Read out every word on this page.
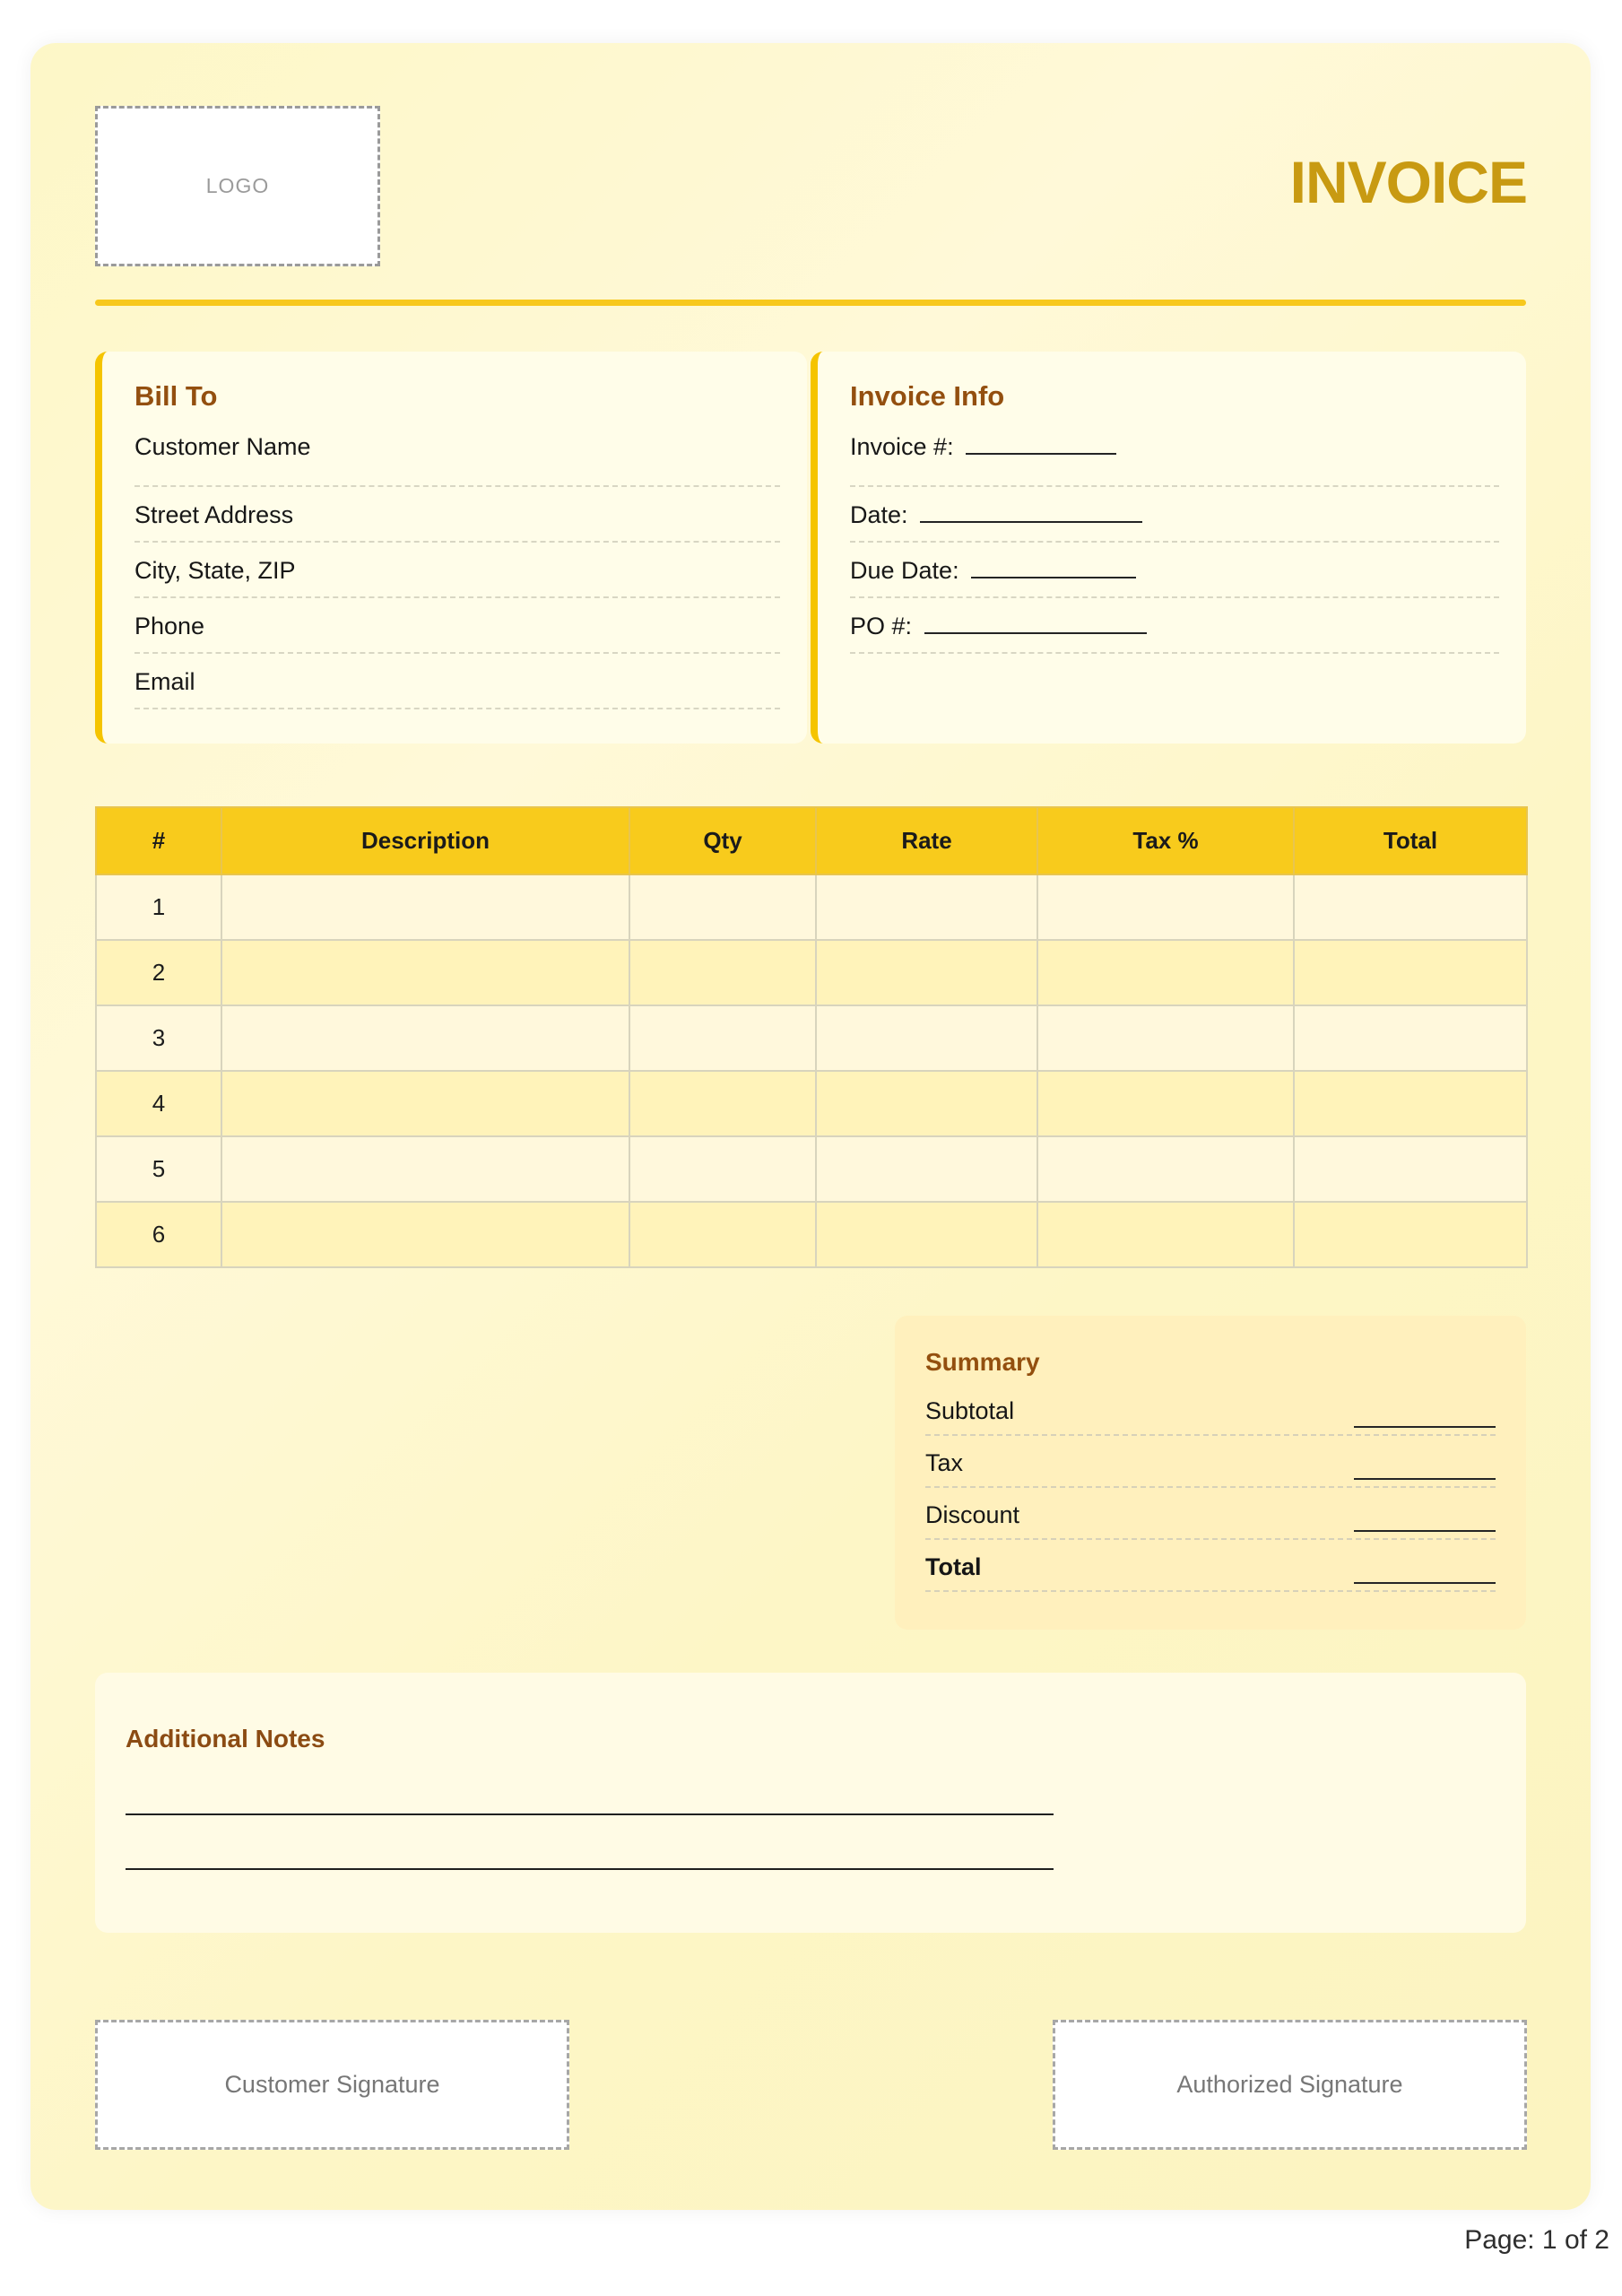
LOGO	INVOICE
Bill To
Customer Name
Street Address
City, State, ZIP
Phone
Email
Invoice Info
Invoice #:
Date:
Due Date:
PO #:
#	Description	Qty	Rate	Tax %	Total
1					
2					
3					
4					
5					
6					
Summary
Subtotal
Tax
Discount
Total
Additional Notes
Customer Signature	Authorized Signature
Page: 1 of 2
